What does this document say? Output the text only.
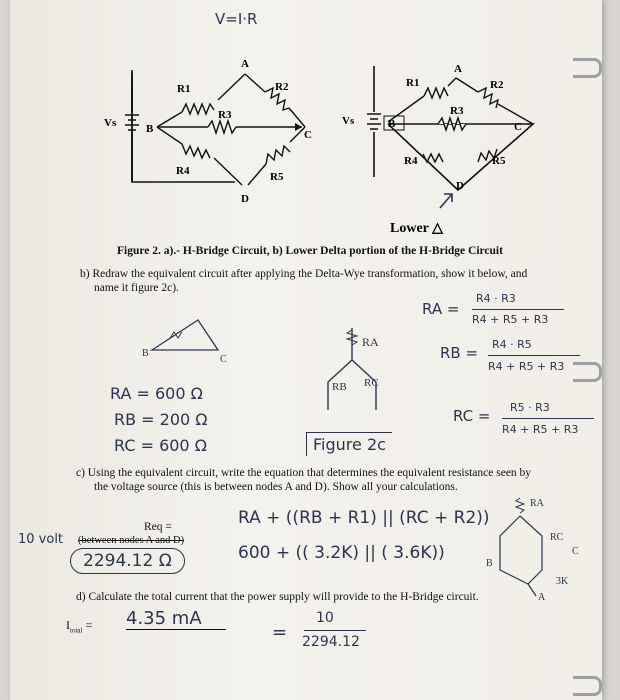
V=I·R
A
B	C
D
R1	R2
R3
R4	R5
Vs
A
B	C
D
R1	R2
R3
R4	R5
Vs
Lower △
Figure 2. a).- H-Bridge Circuit, b) Lower Delta portion of the H-Bridge Circuit
b) Redraw the equivalent circuit after applying the Delta-Wye transformation, show it below, and
name it figure 2c).
RA =
R4 · R3
R4 + R5 + R3
RB = R4 · R5
R4 + R5 + R3
RC = R5 · R3
R4 + R5 + R3
RA = 600 Ω
RB = 200 Ω
RC = 600 Ω
B
C
RA
RB RC
Figure 2c
c) Using the equivalent circuit, write the equation that determines the equivalent resistance seen by
the voltage source (this is between nodes A and D). Show all your calculations.
10 volt
Req =
(between nodes A and D)
2294.12 Ω
RA + ((RB + R1) || (RC + R2))
600 + (( 3.2K) || ( 3.6K))
RA
RC
C
B
3K
A
d) Calculate the total current that the power supply will provide to the H-Bridge circuit.
$I_{total} = 4.35$ mA
=
10
2294.12
